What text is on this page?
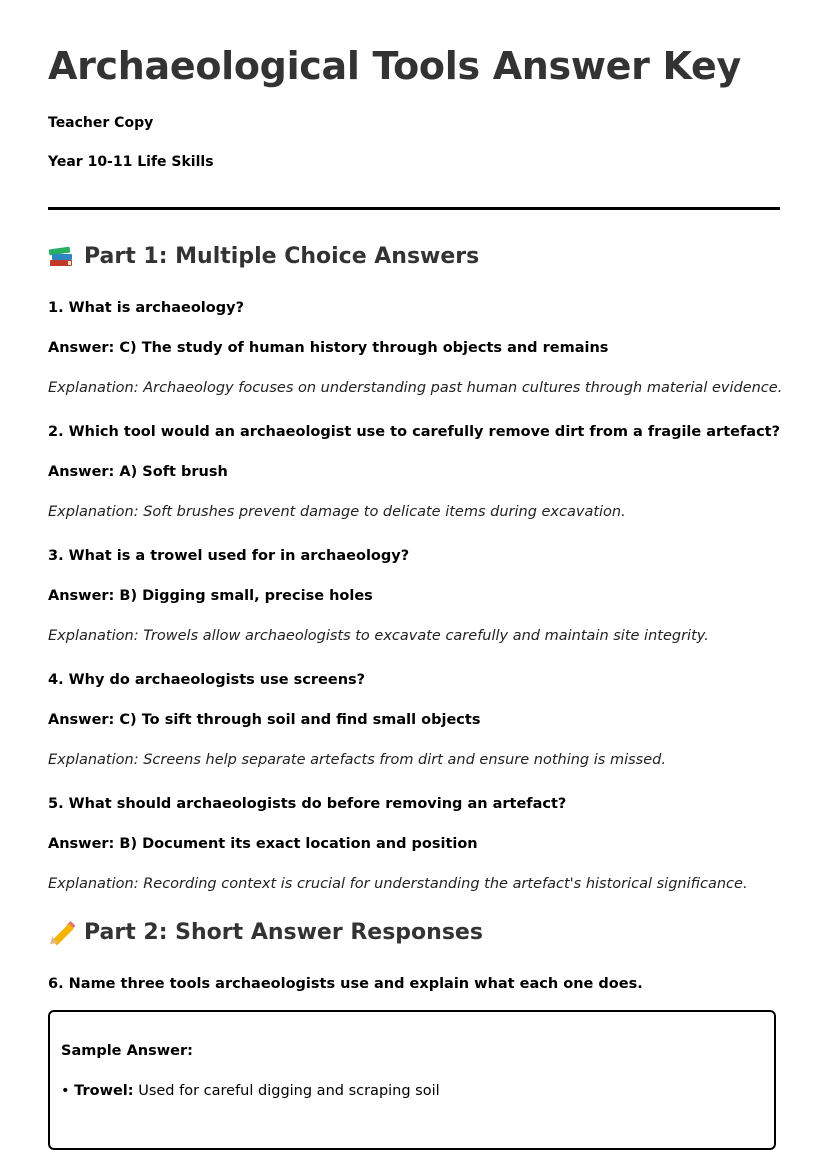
Archaeological Tools Answer Key

Teacher Copy

Year 10-11 Life Skills

Part 1: Multiple Choice Answers

1. What is archaeology?

Answer: C) The study of human history through objects and remains

Explanation: Archaeology focuses on understanding past human cultures through material evidence.

2. Which tool would an archaeologist use to carefully remove dirt from a fragile artefact?

Answer: A) Soft brush

Explanation: Soft brushes prevent damage to delicate items during excavation.

3. What is a trowel used for in archaeology?

Answer: B) Digging small, precise holes

Explanation: Trowels allow archaeologists to excavate carefully and maintain site integrity.

4. Why do archaeologists use screens?

Answer: C) To sift through soil and find small objects

Explanation: Screens help separate artefacts from dirt and ensure nothing is missed.

5. What should archaeologists do before removing an artefact?

Answer: B) Document its exact location and position

Explanation: Recording context is crucial for understanding the artefact's historical significance.

Part 2: Short Answer Responses

6. Name three tools archaeologists use and explain what each one does.

Sample Answer:

• Trowel: Used for careful digging and scraping soil
